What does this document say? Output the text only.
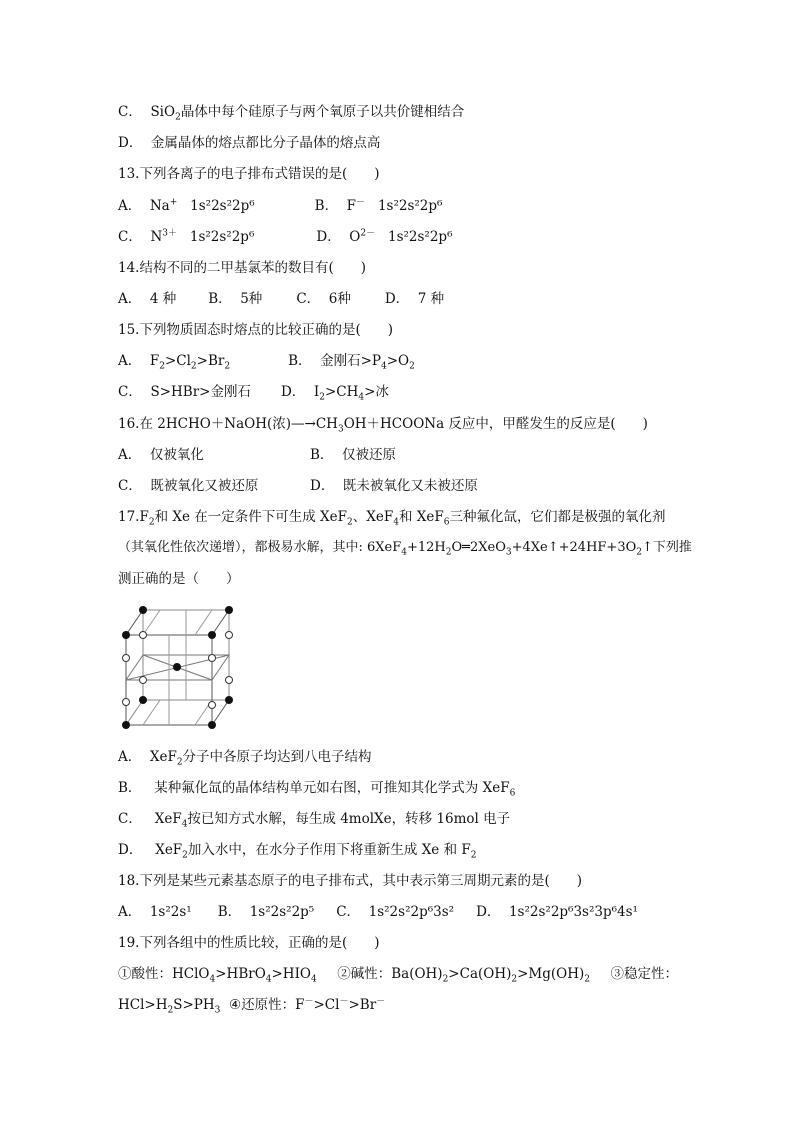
C． SiO$_2$晶体中每个硅原子与两个氧原子以共价键相结合
D． 金属晶体的熔点都比分子晶体的熔点高
13.下列各离子的电子排布式错误的是(　　)
A． Na+ 1s²2s²2p⁶	B． F－ 1s²2s²2p⁶
C． $N^{3+}$ 1s²2s²2p⁶	D． $O^{2-}$ 1s²2s²2p⁶
14.结构不同的二甲基氯苯的数目有(　　)
A．  4 种 B．  5种	C．  6种	D．  7 种
15.下列物质固态时熔点的比较正确的是(　　)
A． $F_2>Cl_2>Br_2$	B． 金刚石$>P_4>O_2$
C． S>HBr>金刚石 D． $I_2>CH_4>$冰
16.在 2HCHO＋NaOH(浓)$—\to CH_3OH+HCOONa$ 反应中，甲醛发生的反应是(　　)
A．  仅被氧化	B．  仅被还原
C．  既被氧化又被还原	D．  既未被氧化又未被还原
$17.F_2$和 Xe 在一定条件下可生成 XeF$_2$、XeF$_4$和 XeF$_6$三种氟化氙，它们都是极强的氧化剂
（其氧化性依次递增），都极易水解，其中: $6XeF_4+12H_2O═2XeO_3+4Xe↑+24HF+3O_2↑$下列推
测正确的是（　　）
A． XeF$_2$分子中各原子均达到八电子结构
B． 某种氟化氙的晶体结构单元如右图，可推知其化学式为 XeF$_6$
C． XeF$_4$按已知方式水解，每生成 4molXe，转移 16mol 电子
D． XeF$_2$加入水中，在水分子作用下将重新生成 Xe 和 $F_2$
18.下列是某些元素基态原子的电子排布式，其中表示第三周期元素的是(　　)
A．  1s²2s¹ B．  1s²2s²2p⁵ C．  1s²2s²2p⁶3s² D．  1s²2s²2p⁶3s²3p⁶4s¹
19.下列各组中的性质比较，正确的是(　　)
①酸性：$HClO_4>HBrO_4>HIO_4$ ②碱性：$Ba(OH)_2>Ca(OH)_2>Mg(OH)_2$ ③稳定性：
$HCl>H_2S>PH_3$  ④还原性：F－>Cl－>Br－
